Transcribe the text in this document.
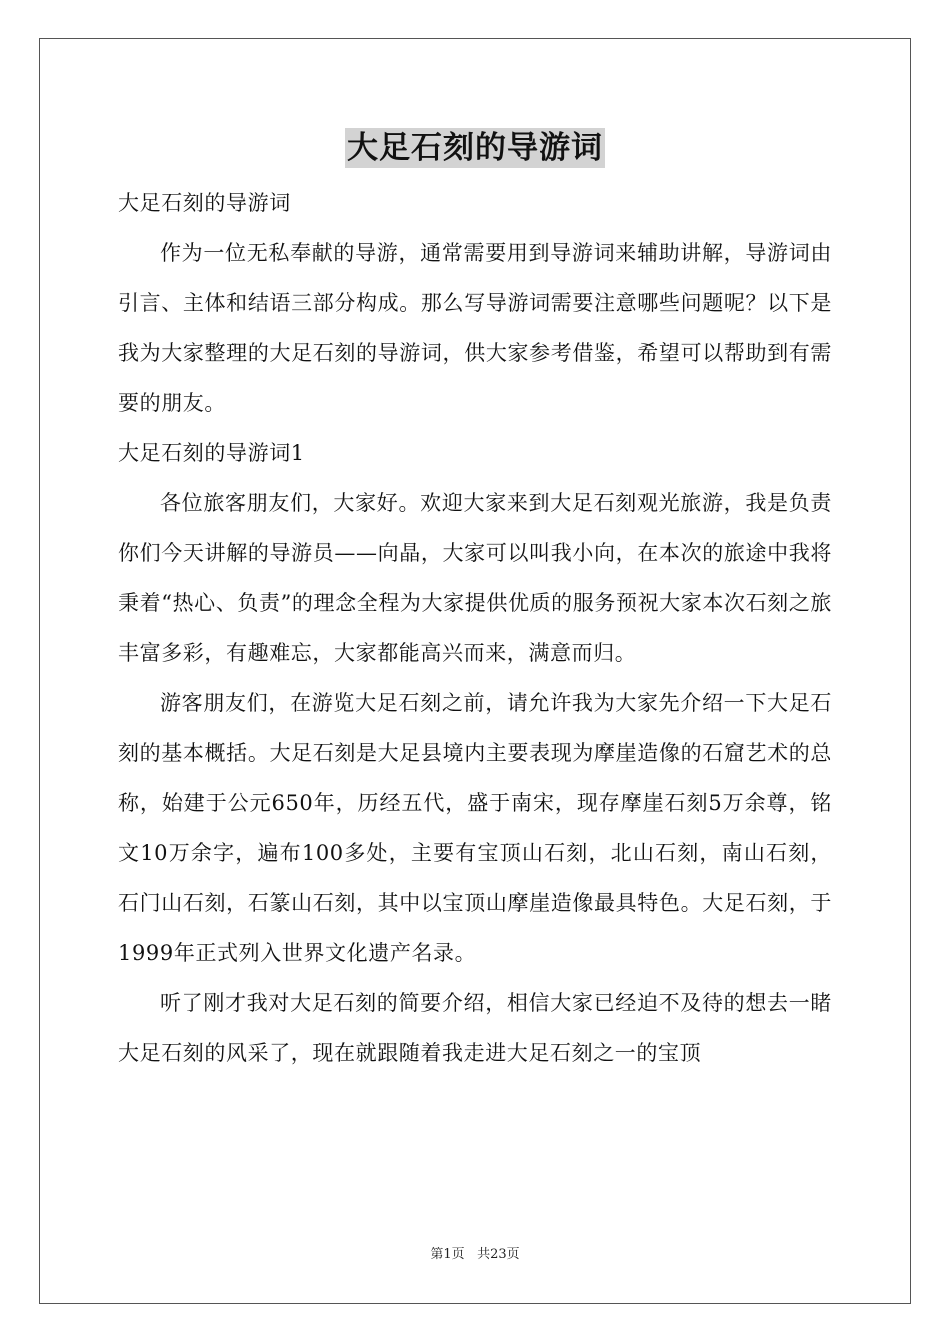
大足石刻的导游词

大足石刻的导游词

作为一位无私奉献的导游，通常需要用到导游词来辅助讲解，导游词由引言、主体和结语三部分构成。那么写导游词需要注意哪些问题呢？以下是我为大家整理的大足石刻的导游词，供大家参考借鉴，希望可以帮助到有需要的朋友。

大足石刻的导游词1

各位旅客朋友们，大家好。欢迎大家来到大足石刻观光旅游，我是负责你们今天讲解的导游员——向晶，大家可以叫我小向，在本次的旅途中我将秉着“热心、负责”的理念全程为大家提供优质的服务预祝大家本次石刻之旅丰富多彩，有趣难忘，大家都能高兴而来，满意而归。

游客朋友们，在游览大足石刻之前，请允许我为大家先介绍一下大足石刻的基本概括。大足石刻是大足县境内主要表现为摩崖造像的石窟艺术的总称，始建于公元650年，历经五代，盛于南宋，现存摩崖石刻5万余尊，铭文10万余字，遍布100多处，主要有宝顶山石刻，北山石刻，南山石刻，石门山石刻，石篆山石刻，其中以宝顶山摩崖造像最具特色。大足石刻，于1999年正式列入世界文化遗产名录。

听了刚才我对大足石刻的简要介绍，相信大家已经迫不及待的想去一睹大足石刻的风采了，现在就跟随着我走进大足石刻之一的宝顶

第1页 共23页
